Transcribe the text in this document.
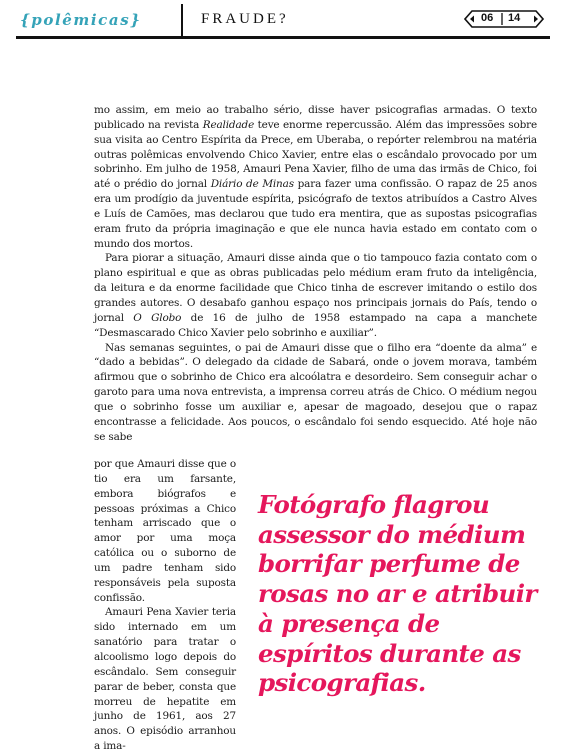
{polêmicas}	FRAUDE?	06 14

mo assim, em meio ao trabalho sério, disse haver psicografias armadas. O texto publicado na revista Realidade teve enorme repercussão. Além das impressões sobre sua visita ao Centro Espírita da Prece, em Uberaba, o repórter relembrou na matéria outras polêmicas envolvendo Chico Xavier, entre elas o escândalo provocado por um sobrinho. Em julho de 1958, Amauri Pena Xavier, filho de uma das irmãs de Chico, foi até o prédio do jornal Diário de Minas para fazer uma confissão. O rapaz de 25 anos era um prodígio da juventude espírita, psicógrafo de textos atribuídos a Castro Alves e Luís de Camões, mas declarou que tudo era mentira, que as supostas psicografias eram fruto da própria imaginação e que ele nunca havia estado em contato com o mundo dos mortos.

Para piorar a situação, Amauri disse ainda que o tio tampouco fazia contato com o plano espiritual e que as obras publicadas pelo médium eram fruto da inteligência, da leitura e da enorme facilidade que Chico tinha de escrever imitando o estilo dos grandes autores. O desabafo ganhou espaço nos principais jornais do País, tendo o jornal O Globo de 16 de julho de 1958 estampado na capa a manchete “Desmascarado Chico Xavier pelo sobrinho e auxiliar”.

Nas semanas seguintes, o pai de Amauri disse que o filho era “doente da alma” e “dado a bebidas”. O delegado da cidade de Sabará, onde o jovem morava, também afirmou que o sobrinho de Chico era alcoólatra e desordeiro. Sem conseguir achar o garoto para uma nova entrevista, a imprensa correu atrás de Chico. O médium negou que o sobrinho fosse um auxiliar e, apesar de magoado, desejou que o rapaz encontrasse a felicidade. Aos poucos, o escândalo foi sendo esquecido. Até hoje não se sabe

por que Amauri disse que o tio era um farsante, embora biógrafos e pessoas próximas a Chico tenham arriscado que o amor por uma moça católica ou o suborno de um padre tenham sido responsáveis pela suposta confissão.

Amauri Pena Xavier teria sido internado em um sanatório para tratar o alcoolismo logo depois do escândalo. Sem conseguir parar de beber, consta que morreu de hepatite em junho de 1961, aos 27 anos. O episódio arranhou a ima-

Fotógrafo flagrou assessor do médium borrifar perfume de rosas no ar e atribuir à presença de espíritos durante as psicografias.
